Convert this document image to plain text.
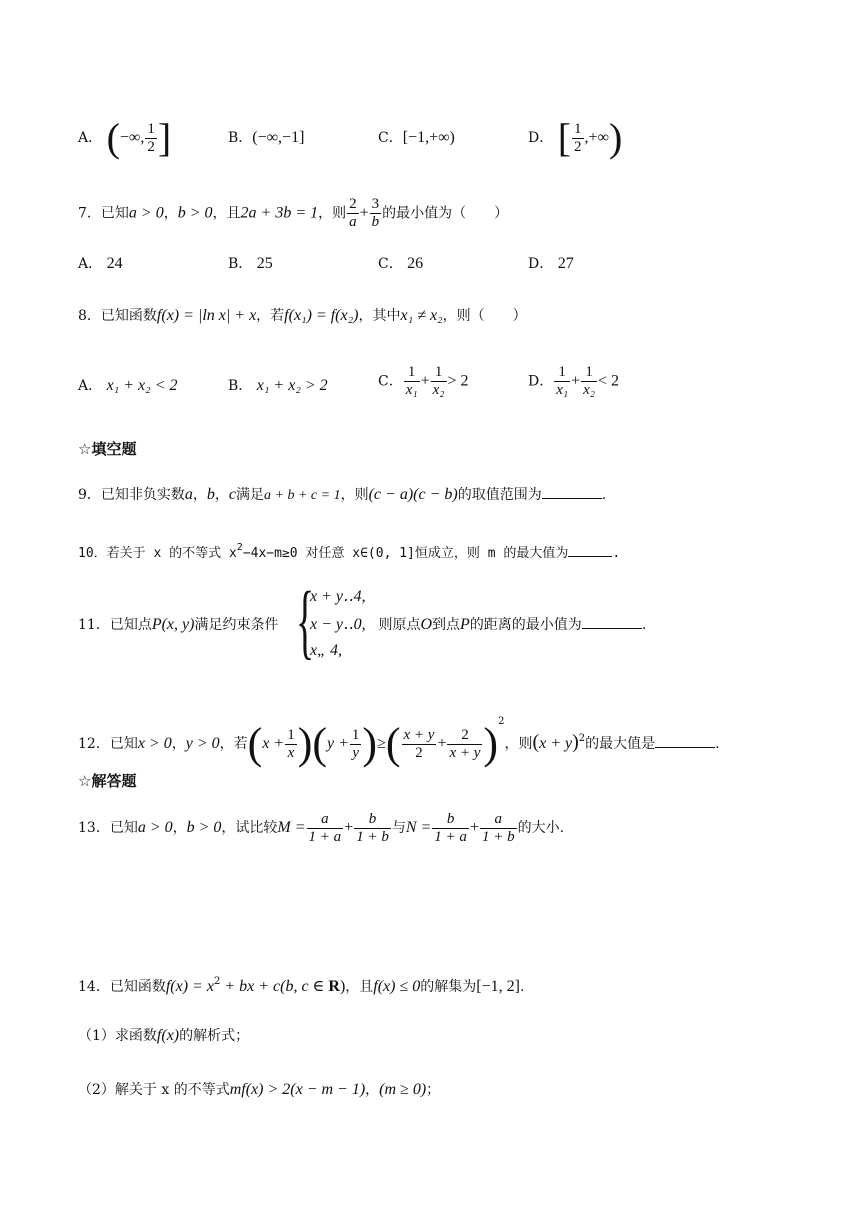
A． (−∞, $\frac{1}{2}$ ]	B．(−∞,−1]	C．[−1,+∞)	D． [ $\frac{1}{2}$ ,+∞)
7．已知a > 0，b > 0，且2a + 3b = 1，则 $\frac{2}{a} + \frac{3}{b}$ 的最小值为（　　）
A． 24	B． 25	C． 26	D． 27
8．已知函数f(x) = |ln x| + x，若f(x₁) = f(x₂)，其中x₁ ≠ x₂，则（　　）
A． x₁ + x₂ < 2	B． x₁ + x₂ > 2	C． $\frac{1}{\text{x₁}} + \frac{1}{\text{x₂}} > 2$	D． $\frac{1}{\text{x₁}} + \frac{1}{\text{x₂}} < 2$
☆填空题
9．已知非负实数a，b，c满足a + b + c = 1，则(c − a)(c − b)的取值范围为	.
10．若关于 x 的不等式 $x^2-4x-m\ge 0$ 对任意 x∈(0, 1]恒成立，则 m 的最大值为	.
11．已知点P(x, y)满足约束条件	则原点O到点P的距离的最小值为	.
{
x + y‥4,
x − y‥0,
x„ 4,
12．已知x > 0，y > 0，若$(x + \frac{1}{x} )(y + \frac{1}{y}$ )≥( $\frac{x + y}{2} + \frac{2}{x + y} )^2$，则$(x + y)^2$的最大值是	.
☆解答题
13．已知a > 0，b > 0，试比较$M = \frac{a}{1 + a} + \frac{b}{1 + b}$ 与$N = \frac{b}{1 + a} + \frac{a}{1 + b}$ 的大小.
14．已知函数$f(x) = x^2$ + bx + c(b, c ∈ R)，且f(x) ≤ 0的解集为[−1, 2].
（1）求函数f(x)的解析式；
（2）解关于 x 的不等式mf(x) > 2(x − m − 1)，(m ≥ 0)；
